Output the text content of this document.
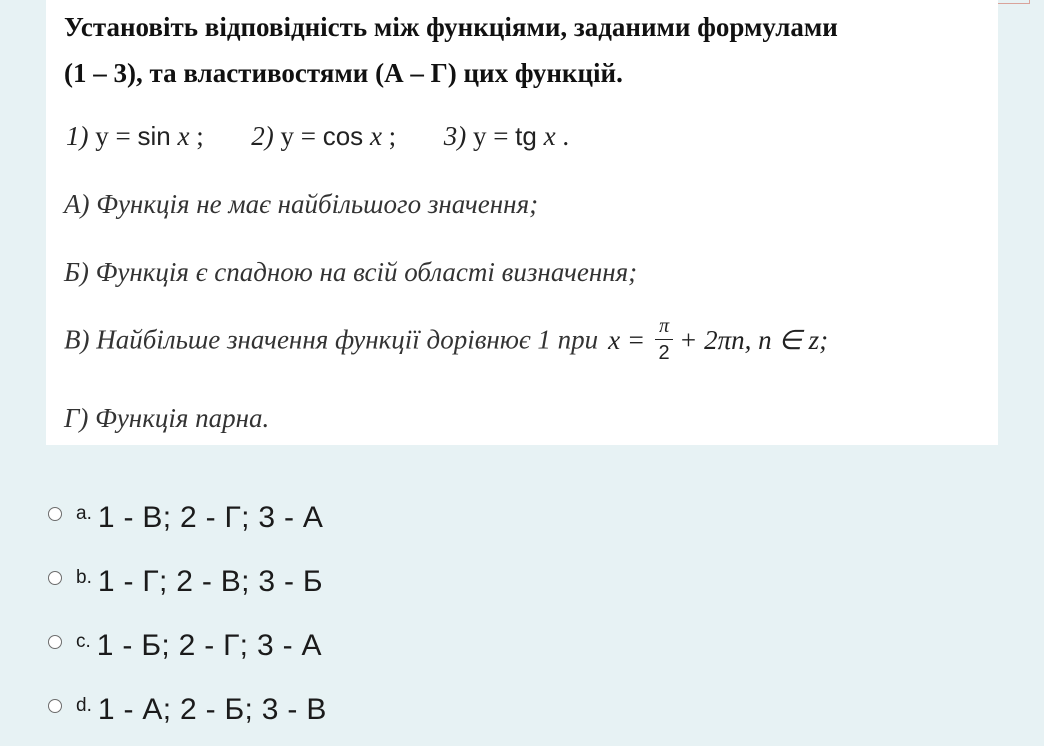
Установіть відповідність між функціями, заданими формулами
(1 – 3), та властивостями (А – Г) цих функцій.
1) y = sin x ; 2) y = cos x ; 3) y = tg x .
А) Функція не має найбільшого значення;
Б) Функція є спадною на всій області визначення;
В) Найбільше значення функції дорівнює 1 при $x = \frac{\pi}{2} + 2\pi n$, n ∈ z;
Г) Функція парна.
a. 1 - В; 2 - Г; 3 - А
b. 1 - Г; 2 - В; 3 - Б
c. 1 - Б; 2 - Г; 3 - А
d. 1 - А; 2 - Б; 3 - В
